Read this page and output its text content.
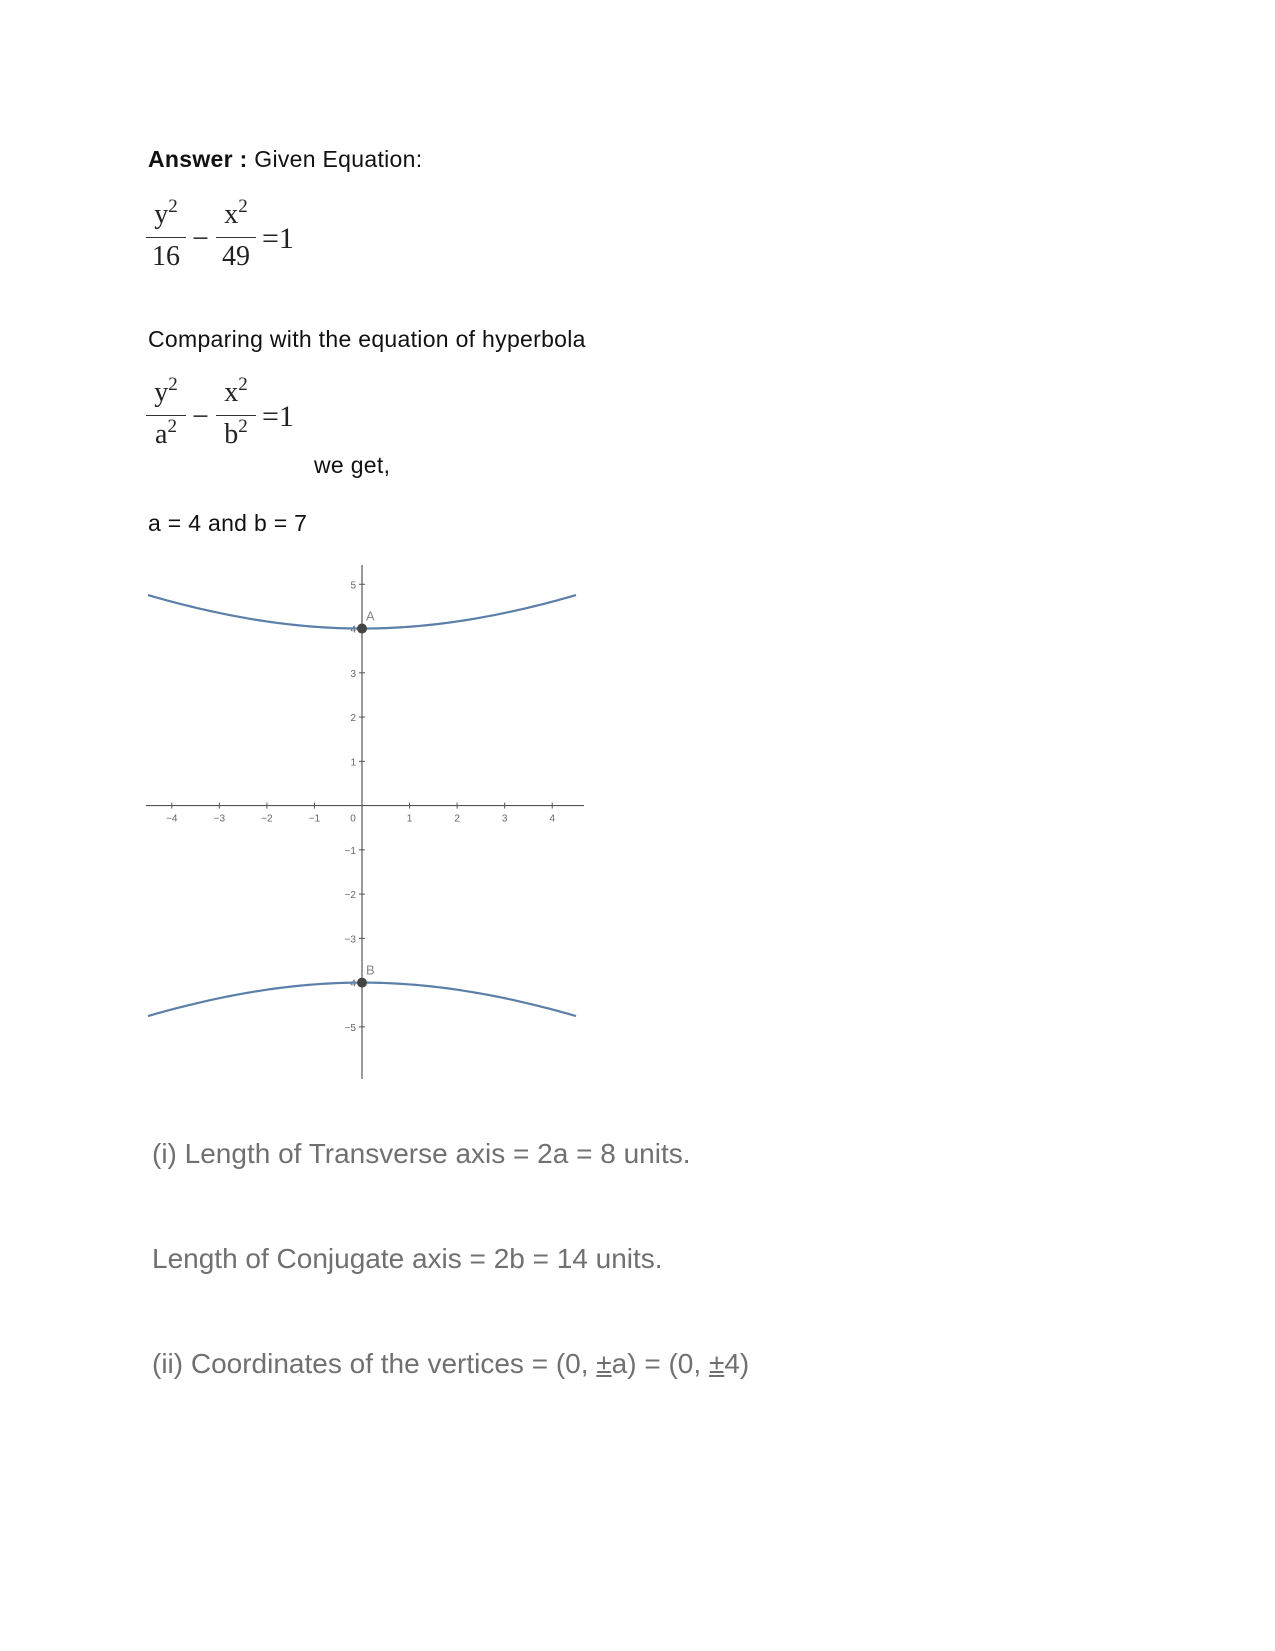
Answer : Given Equation:
$y^2$
16
−
$x^2$
49
=1
Comparing with the equation of hyperbola
$y^2$
$a^2$ −
$x^2$
$b^2 =1$
we get,
a = 4 and b = 7
−4	−3	−2	−1	0	1	2	3	4
5
4
3
2
1
−1
−2
−3
−4
−5
A
B
(i) Length of Transverse axis = 2a = 8 units.
Length of Conjugate axis = 2b = 14 units.
(ii) Coordinates of the vertices = (0, ±a) = (0, ±4)
